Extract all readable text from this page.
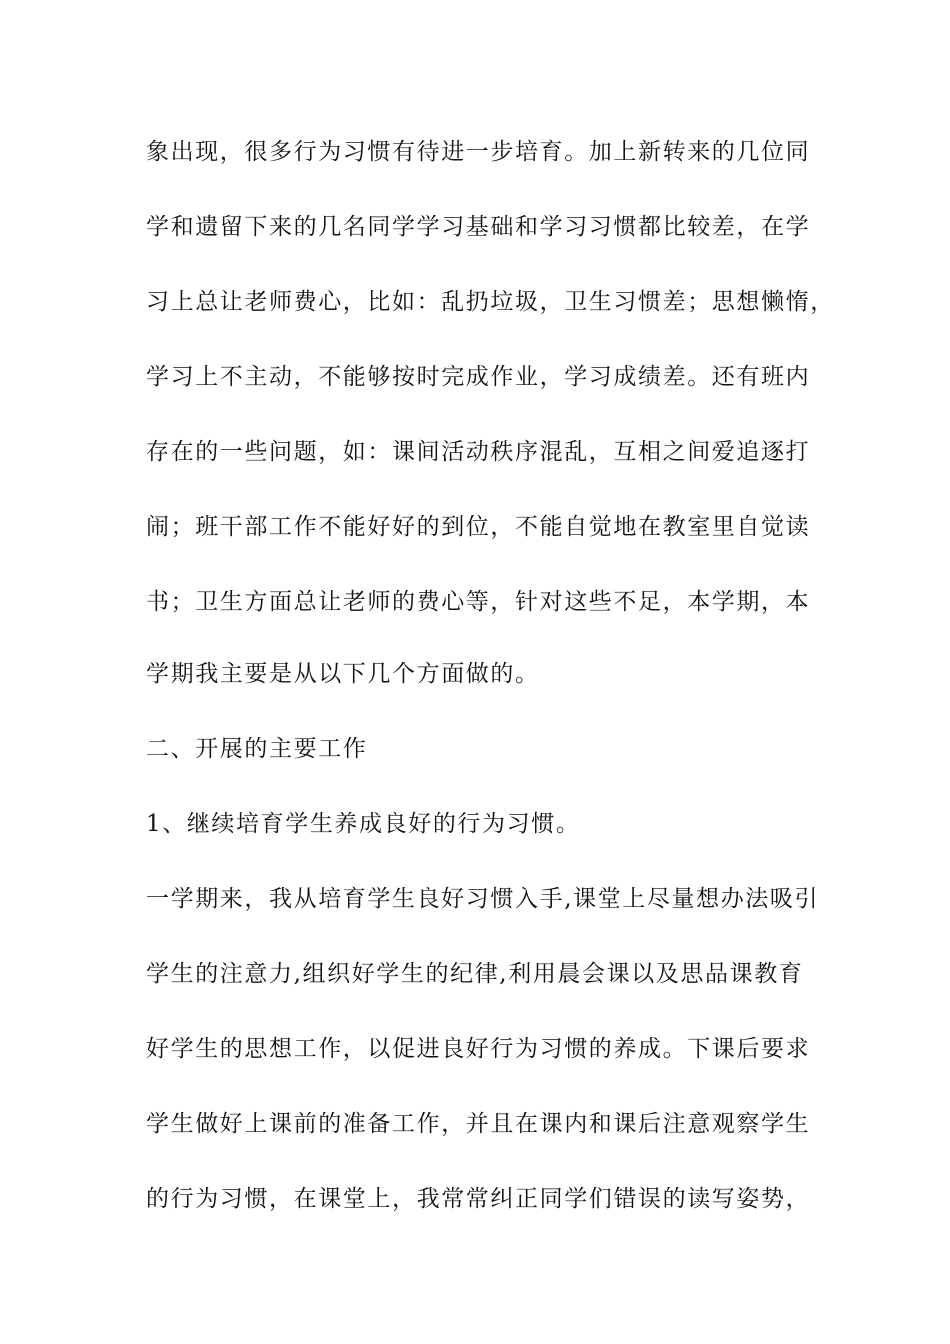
象出现，很多行为习惯有待进一步培育。加上新转来的几位同
学和遗留下来的几名同学学习基础和学习习惯都比较差，在学
习上总让老师费心，比如：乱扔垃圾，卫生习惯差；思想懒惰，
学习上不主动，不能够按时完成作业，学习成绩差。还有班内
存在的一些问题，如：课间活动秩序混乱，互相之间爱追逐打
闹；班干部工作不能好好的到位，不能自觉地在教室里自觉读
书；卫生方面总让老师的费心等，针对这些不足，本学期，本
学期我主要是从以下几个方面做的。
二、开展的主要工作
1、继续培育学生养成良好的行为习惯。
一学期来，我从培育学生良好习惯入手,课堂上尽量想办法吸引
学生的注意力,组织好学生的纪律,利用晨会课以及思品课教育
好学生的思想工作，以促进良好行为习惯的养成。下课后要求
学生做好上课前的准备工作，并且在课内和课后注意观察学生
的行为习惯，在课堂上，我常常纠正同学们错误的读写姿势，
